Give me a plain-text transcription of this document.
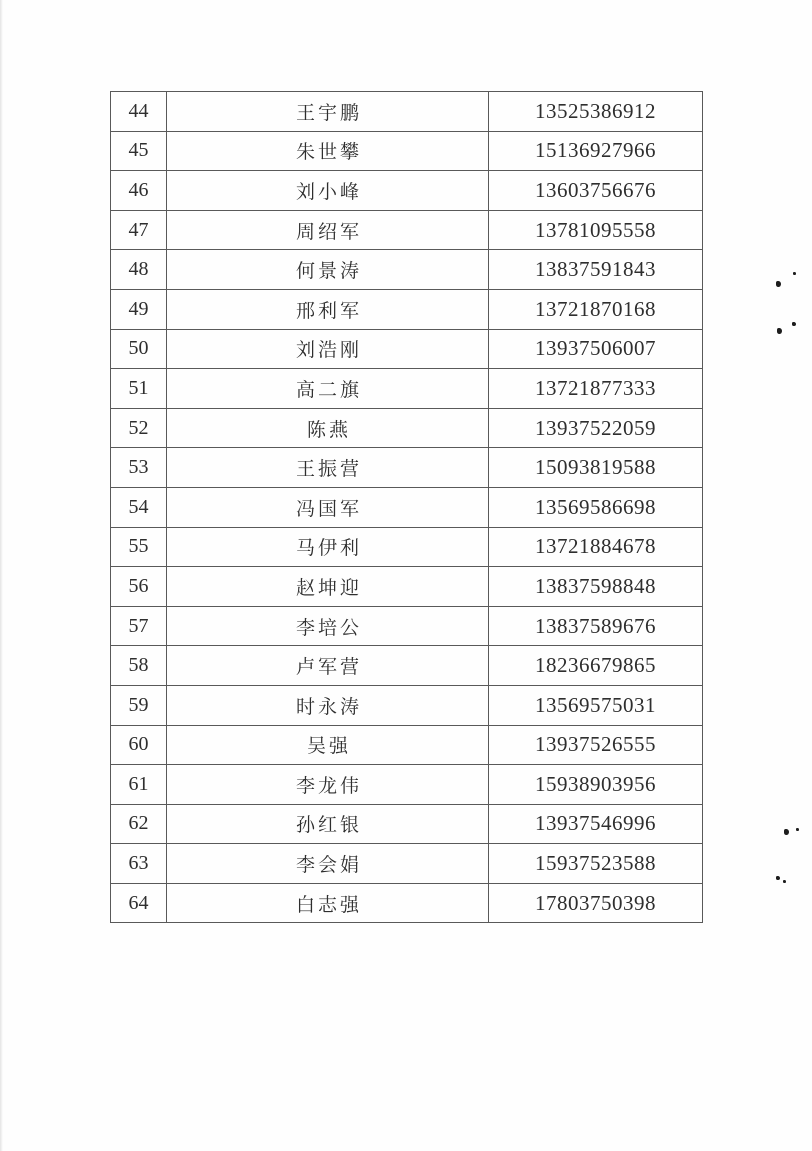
44	王宇鹏	13525386912
45	朱世攀	15136927966
46	刘小峰	13603756676
47	周绍军	13781095558
48	何景涛	13837591843
49	邢利军	13721870168
50	刘浩刚	13937506007
51	高二旗	13721877333
52	陈燕	13937522059
53	王振营	15093819588
54	冯国军	13569586698
55	马伊利	13721884678
56	赵坤迎	13837598848
57	李培公	13837589676
58	卢军营	18236679865
59	时永涛	13569575031
60	吴强	13937526555
61	李龙伟	15938903956
62	孙红银	13937546996
63	李会娟	15937523588
64	白志强	17803750398
